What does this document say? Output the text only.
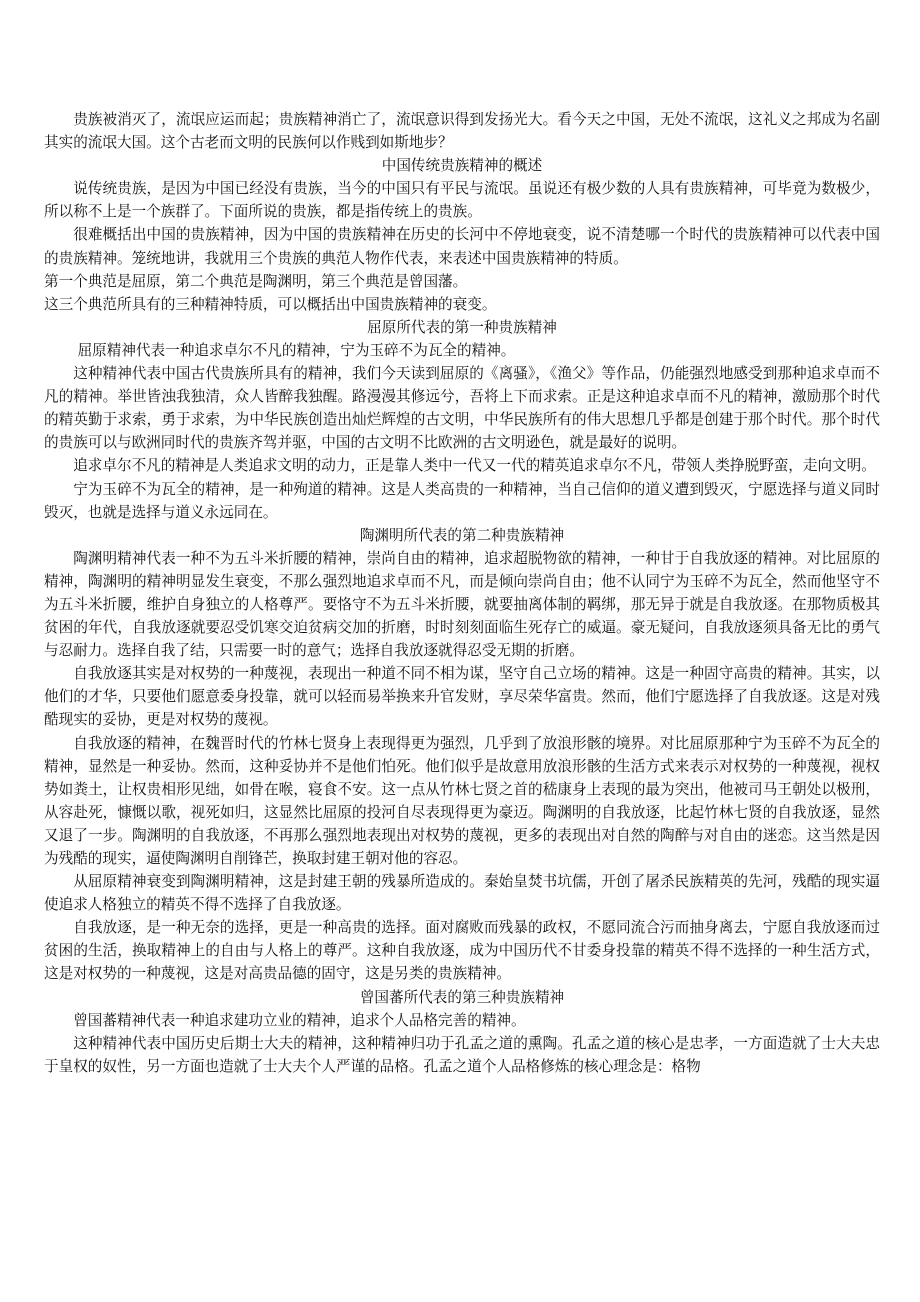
贵族被消灭了，流氓应运而起；贵族精神消亡了，流氓意识得到发扬光大。看今天之中国，无处不流氓，这礼义之邦成为名副其实的流氓大国。这个古老而文明的民族何以作贱到如斯地步？

中国传统贵族精神的概述

说传统贵族，是因为中国已经没有贵族，当今的中国只有平民与流氓。虽说还有极少数的人具有贵族精神，可毕竟为数极少，所以称不上是一个族群了。下面所说的贵族，都是指传统上的贵族。

很难概括出中国的贵族精神，因为中国的贵族精神在历史的长河中不停地衰变，说不清楚哪一个时代的贵族精神可以代表中国的贵族精神。笼统地讲，我就用三个贵族的典范人物作代表，来表述中国贵族精神的特质。

第一个典范是屈原，第二个典范是陶渊明，第三个典范是曾国藩。

这三个典范所具有的三种精神特质，可以概括出中国贵族精神的衰变。

屈原所代表的第一种贵族精神

屈原精神代表一种追求卓尔不凡的精神，宁为玉碎不为瓦全的精神。

这种精神代表中国古代贵族所具有的精神，我们今天读到屈原的《离骚》，《渔父》等作品，仍能强烈地感受到那种追求卓而不凡的精神。举世皆浊我独清，众人皆醉我独醒。路漫漫其修远兮，吾将上下而求索。正是这种追求卓而不凡的精神，激励那个时代的精英勤于求索，勇于求索，为中华民族创造出灿烂辉煌的古文明，中华民族所有的伟大思想几乎都是创建于那个时代。那个时代的贵族可以与欧洲同时代的贵族齐驾并驱，中国的古文明不比欧洲的古文明逊色，就是最好的说明。

追求卓尔不凡的精神是人类追求文明的动力，正是靠人类中一代又一代的精英追求卓尔不凡，带领人类挣脱野蛮，走向文明。

宁为玉碎不为瓦全的精神，是一种殉道的精神。这是人类高贵的一种精神，当自己信仰的道义遭到毁灭，宁愿选择与道义同时毁灭，也就是选择与道义永远同在。

陶渊明所代表的第二种贵族精神

陶渊明精神代表一种不为五斗米折腰的精神，崇尚自由的精神，追求超脱物欲的精神，一种甘于自我放逐的精神。对比屈原的精神，陶渊明的精神明显发生衰变，不那么强烈地追求卓而不凡，而是倾向崇尚自由；他不认同宁为玉碎不为瓦全，然而他坚守不为五斗米折腰，维护自身独立的人格尊严。要恪守不为五斗米折腰，就要抽离体制的羁绑，那无异于就是自我放逐。在那物质极其贫困的年代，自我放逐就要忍受饥寒交迫贫病交加的折磨，时时刻刻面临生死存亡的威逼。豪无疑问，自我放逐须具备无比的勇气与忍耐力。选择自我了结，只需要一时的意气；选择自我放逐就得忍受无期的折磨。

自我放逐其实是对权势的一种蔑视，表现出一种道不同不相为谋，坚守自己立场的精神。这是一种固守高贵的精神。其实，以他们的才华，只要他们愿意委身投靠，就可以轻而易举换来升官发财，享尽荣华富贵。然而，他们宁愿选择了自我放逐。这是对残酷现实的妥协，更是对权势的蔑视。

自我放逐的精神，在魏晋时代的竹林七贤身上表现得更为强烈，几乎到了放浪形骸的境界。对比屈原那种宁为玉碎不为瓦全的精神，显然是一种妥协。然而，这种妥协并不是他们怕死。他们似乎是故意用放浪形骸的生活方式来表示对权势的一种蔑视，视权势如粪土，让权贵相形见绌，如骨在喉，寝食不安。这一点从竹林七贤之首的嵇康身上表现的最为突出，他被司马王朝处以极刑，从容赴死，慷慨以歌，视死如归，这显然比屈原的投河自尽表现得更为豪迈。陶渊明的自我放逐，比起竹林七贤的自我放逐，显然又退了一步。陶渊明的自我放逐，不再那么强烈地表现出对权势的蔑视，更多的表现出对自然的陶醉与对自由的迷恋。这当然是因为残酷的现实，逼使陶渊明自削锋芒，换取封建王朝对他的容忍。

从屈原精神衰变到陶渊明精神，这是封建王朝的残暴所造成的。秦始皇焚书坑儒，开创了屠杀民族精英的先河，残酷的现实逼使追求人格独立的精英不得不选择了自我放逐。

自我放逐，是一种无奈的选择，更是一种高贵的选择。面对腐败而残暴的政权，不愿同流合污而抽身离去，宁愿自我放逐而过贫困的生活，换取精神上的自由与人格上的尊严。这种自我放逐，成为中国历代不甘委身投靠的精英不得不选择的一种生活方式，这是对权势的一种蔑视，这是对高贵品德的固守，这是另类的贵族精神。

曾国蕃所代表的第三种贵族精神

曾国蕃精神代表一种追求建功立业的精神，追求个人品格完善的精神。

这种精神代表中国历史后期士大夫的精神，这种精神归功于孔孟之道的熏陶。孔孟之道的核心是忠孝，一方面造就了士大夫忠于皇权的奴性，另一方面也造就了士大夫个人严谨的品格。孔孟之道个人品格修炼的核心理念是：格物
